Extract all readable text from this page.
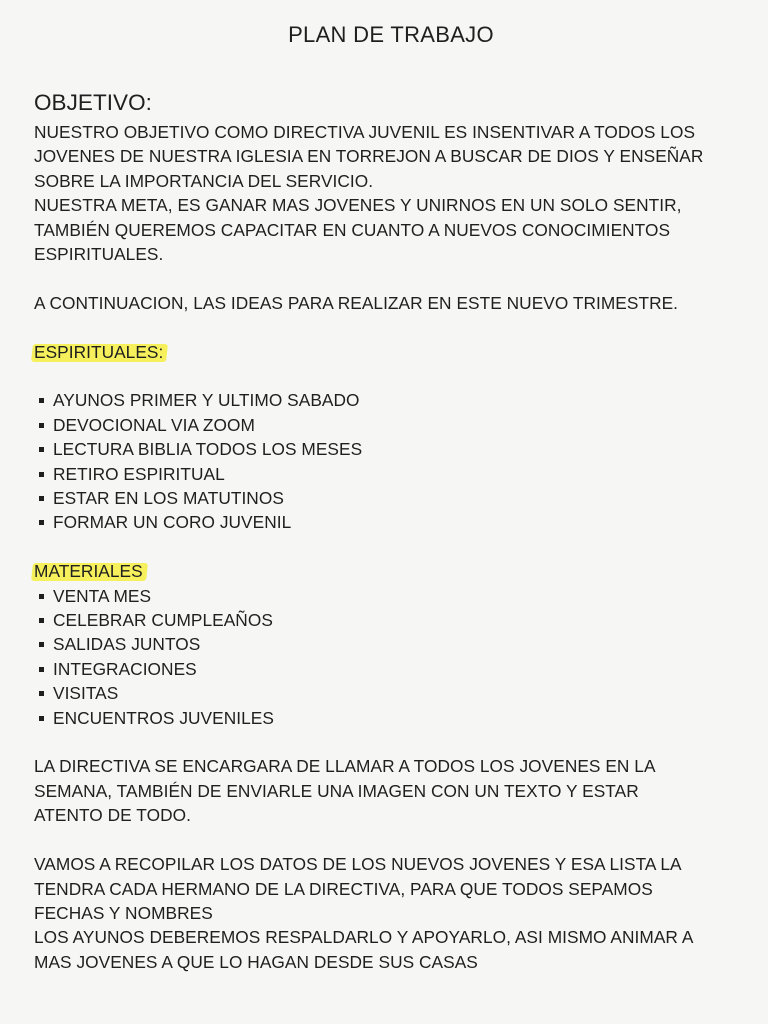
PLAN DE TRABAJO
OBJETIVO:

NUESTRO OBJETIVO COMO DIRECTIVA JUVENIL ES INSENTIVAR A TODOS LOS

JOVENES DE NUESTRA IGLESIA EN TORREJON A BUSCAR DE DIOS Y ENSEÑAR

SOBRE LA IMPORTANCIA DEL SERVICIO.

NUESTRA META, ES GANAR MAS JOVENES Y UNIRNOS EN UN SOLO SENTIR,

TAMBIÉN QUEREMOS CAPACITAR EN CUANTO A NUEVOS CONOCIMIENTOS

ESPIRITUALES.

A CONTINUACION, LAS IDEAS PARA REALIZAR EN ESTE NUEVO TRIMESTRE.

ESPIRITUALES:
AYUNOS PRIMER Y ULTIMO SABADO
DEVOCIONAL VIA ZOOM
LECTURA BIBLIA TODOS LOS MESES
RETIRO ESPIRITUAL
ESTAR EN LOS MATUTINOS
FORMAR UN CORO JUVENIL
MATERIALES
VENTA MES
CELEBRAR CUMPLEAÑOS
SALIDAS JUNTOS
INTEGRACIONES
VISITAS
ENCUENTROS JUVENILES

LA DIRECTIVA SE ENCARGARA DE LLAMAR A TODOS LOS JOVENES EN LA

SEMANA, TAMBIÉN DE ENVIARLE UNA IMAGEN CON UN TEXTO Y ESTAR

ATENTO DE TODO.

VAMOS A RECOPILAR LOS DATOS DE LOS NUEVOS JOVENES Y ESA LISTA LA

TENDRA CADA HERMANO DE LA DIRECTIVA, PARA QUE TODOS SEPAMOS

FECHAS Y NOMBRES

LOS AYUNOS DEBEREMOS RESPALDARLO Y APOYARLO, ASI MISMO ANIMAR A

MAS JOVENES A QUE LO HAGAN DESDE SUS CASAS
